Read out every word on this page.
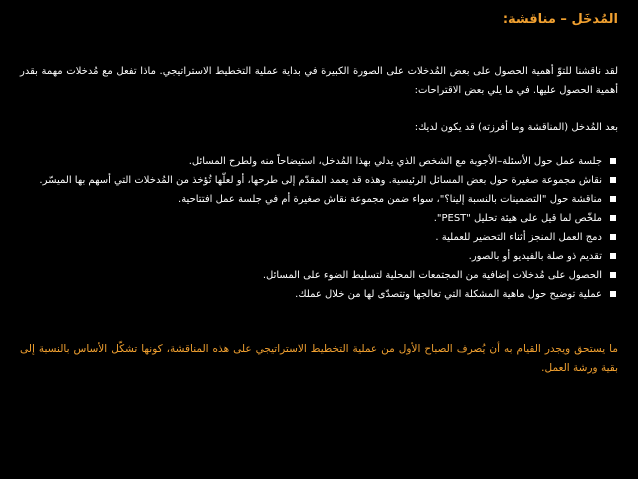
المُدخَل – مناقشة:
لقد ناقشنا للتوّ أهمية الحصول على بعض المُدخلات على الصورة الكبيرة في بداية عملية التخطيط الاستراتيجي. ماذا تفعل مع مُدخلات مهمة بقدر أهمية الحصول عليها. في ما يلي بعض الاقتراحات:
بعد المُدخل (المناقشة وما أفرزته) قد يكون لديك:
جلسة عمل حول الأسئلة–الأجوبة مع الشخص الذي يدلي بهذا المُدخل، استيضاحاً منه ولطرح المسائل.
نقاش مجموعة صغيرة حول بعض المسائل الرئيسية. وهذه قد يعمد المقدّم إلى طرحها، أو لعلّها تُؤخذ من المُدخلات التي أسهم بها الميسّر.
مناقشة حول "التضمينات بالنسبة إلينا؟"، سواء ضمن مجموعة نقاش صغيرة أم في جلسة عمل افتتاحية.
ملخّص لما قيل على هيئة تحليل "PEST".
دمج العمل المنجز أثناء التحضير للعملية .
تقديم ذو صلة بالفيديو أو بالصور.
الحصول على مُدخلات إضافية من المجتمعات المحلية لتسليط الضوء على المسائل.
عملية توضيح حول ماهية المشكلة التي تعالجها وتتصدّى لها من خلال عملك.
ما يستحق ويجدر القيام به أن يُصرف الصباح الأول من عملية التخطيط الاستراتيجي على هذه المناقشة، كونها تشكّل الأساس بالنسبة إلى بقية ورشة العمل.
